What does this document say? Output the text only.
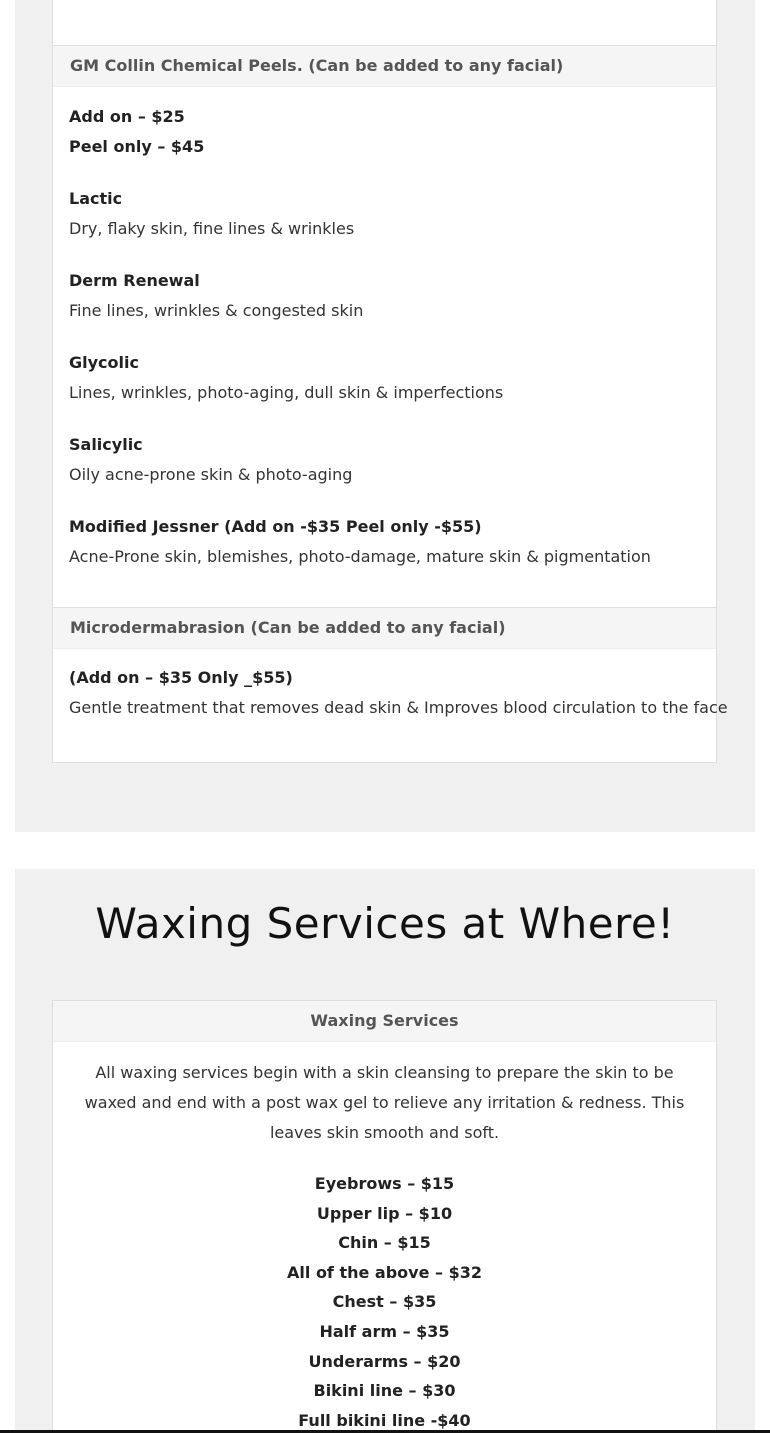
GM Collin Chemical Peels. (Can be added to any facial)
Add on – $25
Peel only – $45
Lactic
Dry, flaky skin, fine lines & wrinkles
Derm Renewal
Fine lines, wrinkles & congested skin
Glycolic
Lines, wrinkles, photo-aging, dull skin & imperfections
Salicylic
Oily acne-prone skin & photo-aging
Modified Jessner (Add on -$35 Peel only -$55)
Acne-Prone skin, blemishes, photo-damage, mature skin & pigmentation
Microdermabrasion (Can be added to any facial)
(Add on – $35 Only _$55)
Gentle treatment that removes dead skin & Improves blood circulation to the face
Waxing Services at Where!
Waxing Services
All waxing services begin with a skin cleansing to prepare the skin to be waxed and end with a post wax gel to relieve any irritation & redness. This leaves skin smooth and soft.
Eyebrows – $15
Upper lip – $10
Chin – $15
All of the above – $32
Chest – $35
Half arm – $35
Underarms – $20
Bikini line – $30
Full bikini line -$40
